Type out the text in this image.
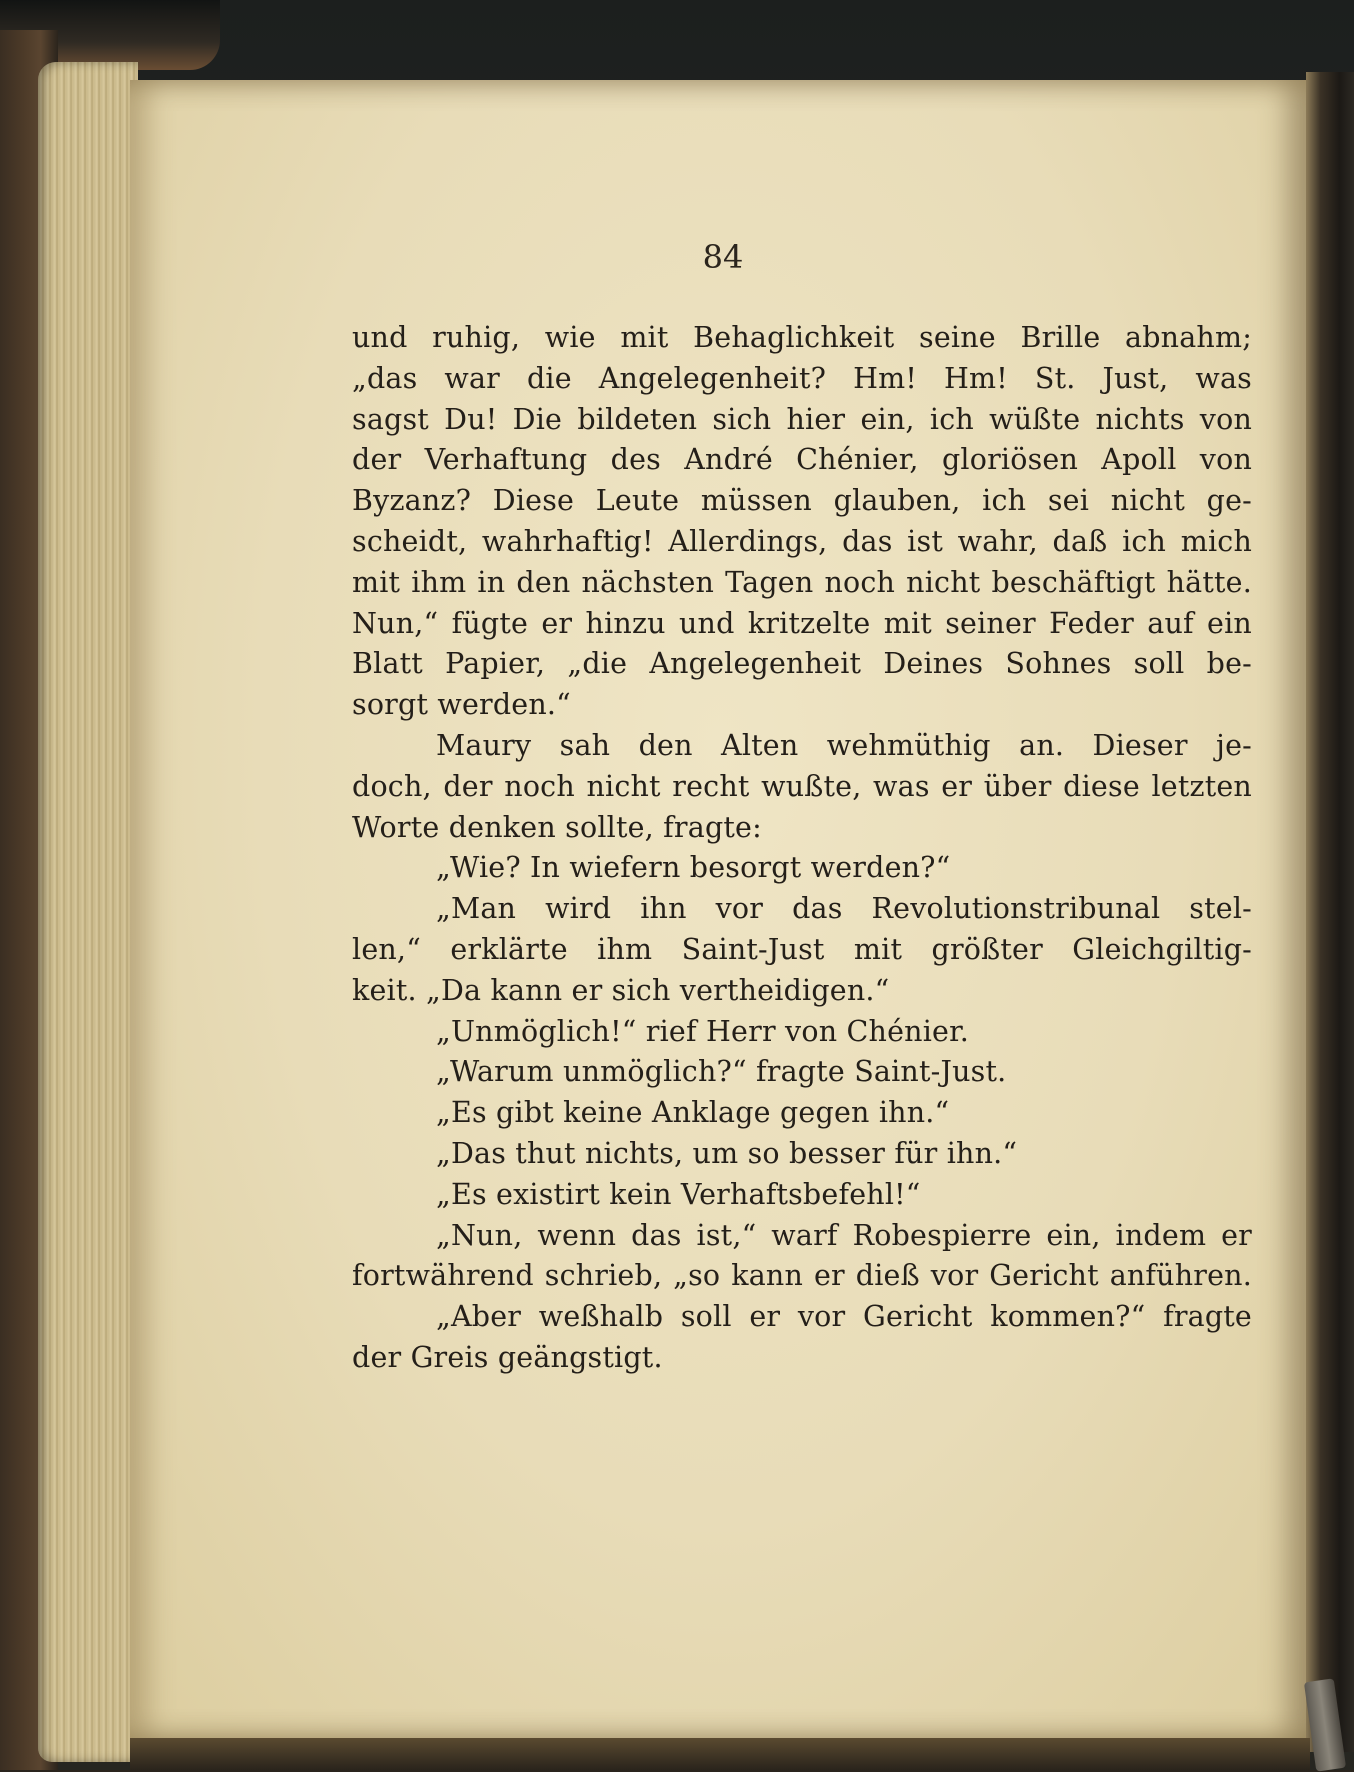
84
und ruhig, wie mit Behaglichkeit seine Brille abnahm;
„das war die Angelegenheit? Hm! Hm! St. Just, was
sagst Du! Die bildeten sich hier ein, ich wüßte nichts von
der Verhaftung des André Chénier, gloriösen Apoll von
Byzanz? Diese Leute müssen glauben, ich sei nicht ge-
scheidt, wahrhaftig! Allerdings, das ist wahr, daß ich mich
mit ihm in den nächsten Tagen noch nicht beschäftigt hätte.
Nun,“ fügte er hinzu und kritzelte mit seiner Feder auf ein
Blatt Papier, „die Angelegenheit Deines Sohnes soll be-
sorgt werden.“
Maury sah den Alten wehmüthig an. Dieser je-
doch, der noch nicht recht wußte, was er über diese letzten
Worte denken sollte, fragte:
„Wie? In wiefern besorgt werden?“
„Man wird ihn vor das Revolutionstribunal stel-
len,“ erklärte ihm Saint-Just mit größter Gleichgiltig-
keit. „Da kann er sich vertheidigen.“
„Unmöglich!“ rief Herr von Chénier.
„Warum unmöglich?“ fragte Saint-Just.
„Es gibt keine Anklage gegen ihn.“
„Das thut nichts, um so besser für ihn.“
„Es existirt kein Verhaftsbefehl!“
„Nun, wenn das ist,“ warf Robespierre ein, indem er
fortwährend schrieb, „so kann er dieß vor Gericht anführen.
„Aber weßhalb soll er vor Gericht kommen?“ fragte
der Greis geängstigt.
